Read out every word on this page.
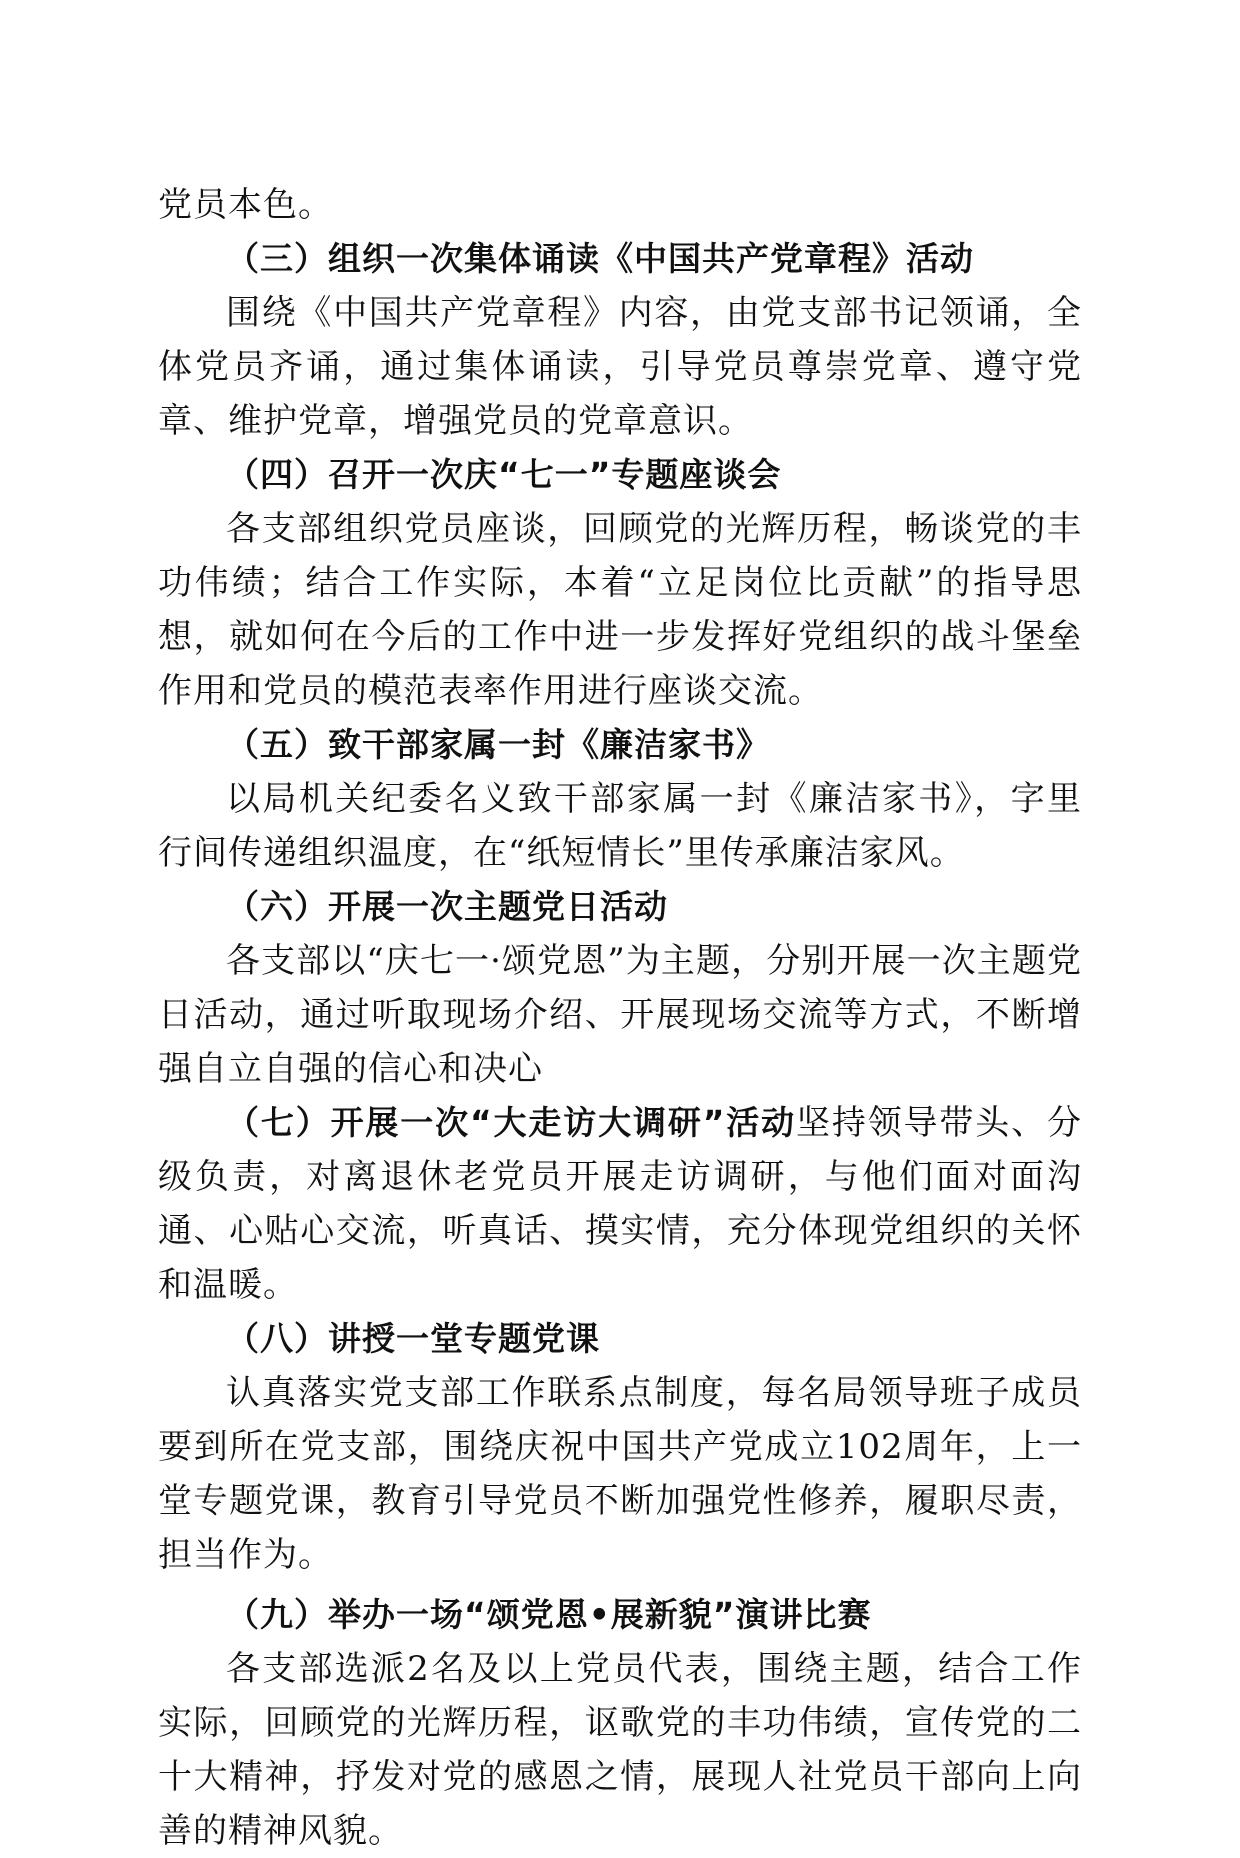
党员本色。

（三）组织一次集体诵读《中国共产党章程》活动

围绕《中国共产党章程》内容，由党支部书记领诵，全体党员齐诵，通过集体诵读，引导党员尊崇党章、遵守党章、维护党章，增强党员的党章意识。

（四）召开一次庆“七一”专题座谈会

各支部组织党员座谈，回顾党的光辉历程，畅谈党的丰功伟绩；结合工作实际，本着“立足岗位比贡献”的指导思想，就如何在今后的工作中进一步发挥好党组织的战斗堡垒作用和党员的模范表率作用进行座谈交流。

（五）致干部家属一封《廉洁家书》

以局机关纪委名义致干部家属一封《廉洁家书》，字里行间传递组织温度，在“纸短情长”里传承廉洁家风。

（六）开展一次主题党日活动

各支部以“庆七一·颂党恩”为主题，分别开展一次主题党日活动，通过听取现场介绍、开展现场交流等方式，不断增强自立自强的信心和决心

（七）开展一次“大走访大调研”活动坚持领导带头、分级负责，对离退休老党员开展走访调研，与他们面对面沟通、心贴心交流，听真话、摸实情，充分体现党组织的关怀和温暖。

（八）讲授一堂专题党课

认真落实党支部工作联系点制度，每名局领导班子成员要到所在党支部，围绕庆祝中国共产党成立102周年，上一堂专题党课，教育引导党员不断加强党性修养，履职尽责，担当作为。

（九）举办一场“颂党恩•展新貌”演讲比赛

各支部选派2名及以上党员代表，围绕主题，结合工作实际，回顾党的光辉历程，讴歌党的丰功伟绩，宣传党的二十大精神，抒发对党的感恩之情，展现人社党员干部向上向善的精神风貌。
